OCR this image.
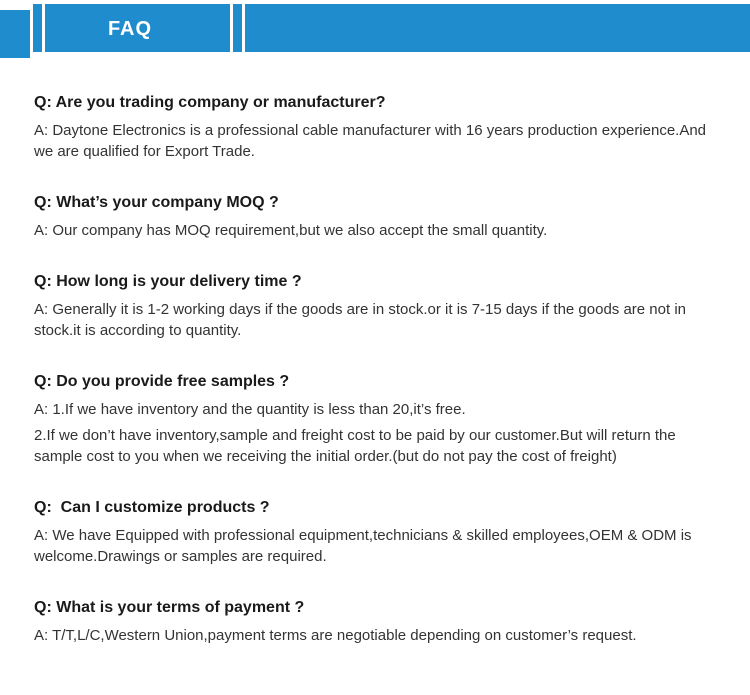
FAQ

Q: Are you trading company or manufacturer?

A: Daytone Electronics is a professional cable manufacturer with 16 years production experience.And we are qualified for Export Trade.

Q: What’s your company MOQ ?

A: Our company has MOQ requirement,but we also accept the small quantity.

Q: How long is your delivery time ?

A: Generally it is 1-2 working days if the goods are in stock.or it is 7-15 days if the goods are not in stock.it is according to quantity.

Q: Do you provide free samples ?

A: 1.If we have inventory and the quantity is less than 20,it’s free.

2.If we don’t have inventory,sample and freight cost to be paid by our customer.But will return the sample cost to you when we receiving the initial order.(but do not pay the cost of freight)

Q:  Can I customize products ?

A: We have Equipped with professional equipment,technicians & skilled employees,OEM & ODM is welcome.Drawings or samples are required.

Q: What is your terms of payment ?

A: T/T,L/C,Western Union,payment terms are negotiable depending on customer’s request.
